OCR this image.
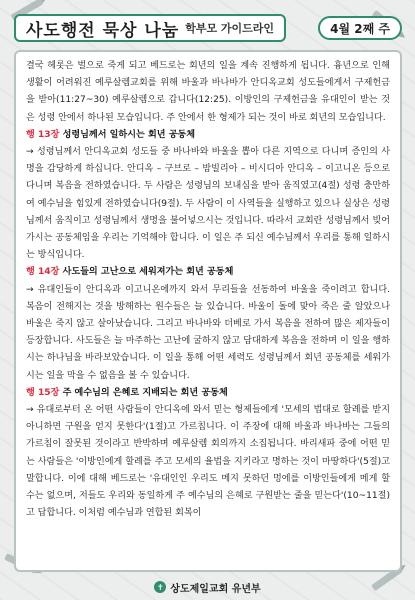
사도행전 묵상 나눔 학부모 가이드라인	4월 2째 주

결국 헤롯은 벌으로 죽게 되고 베드로는 회년의 일을 계속 진행하게 됩니다. 흉년으로 인해 생활이 어려워진 예루살렘교회를 위해 바울과 바나바가 안디옥교회 성도들에게서 구제헌금을 받아(11:27~30) 예루살렘으로 갑니다(12:25). 이방인의 구제헌금을 유대인이 받는 것은 성령 안에서 하나된 모습입니다. 주 안에서 한 형제가 되는 것이 바로 회년의 모습입니다.

행 13장 성령님께서 일하시는 회년 공동체

→ 성령님께서 안디옥교회 성도들 중 바나바와 바울을 뽑아 다른 지역으로 다니며 증인의 사명을 감당하게 하십니다. 안디옥 – 구브로 – 밤빌리아 – 비시디아 안디옥 – 이고니온 등으로 다니며 복음을 전하였습니다. 두 사람은 성령님의 보내심을 받아 움직였고(4절) 성령 충만하여 예수님을 힘있게 전하였습니다(9절). 두 사람이 이 사역들을 실행하고 있으나 실상은 성령님께서 움직이고 성령님께서 생명을 불어넣으시는 것입니다. 따라서 교회란 성령님께서 빚어가시는 공동체임을 우리는 기억해야 합니다. 이 일은 주 되신 예수님께서 우리를 통해 일하시는 방식입니다.

행 14장 사도들의 고난으로 세워져가는 회년 공동체

→ 유대인들이 안디옥과 이고니온에까지 와서 무리들을 선동하여 바울을 죽이려고 합니다. 복음이 전해지는 것을 방해하는 원수들은 늘 있습니다. 바울이 돌에 맞아 죽은 줄 알았으나 바울은 죽지 않고 살아났습니다. 그리고 바나바와 더베로 가서 복음을 전하여 많은 제자들이 등장합니다. 사도들은 늘 마주하는 고난에 굴하지 않고 담대하게 복음을 전하며 이 일을 행하시는 하나님을 바라보았습니다. 이 일을 통해 어떤 세력도 성령님께서 회년 공동체를 세워가시는 일을 막을 수 없음을 볼 수 있습니다.

행 15장 주 예수님의 은혜로 지배되는 회년 공동체

→ 유대로부터 온 어떤 사람들이 안디옥에 와서 믿는 형제들에게 '모세의 법대로 할례를 받지 아니하면 구원을 얻지 못한다'(1절)고 가르칩니다. 이 주장에 대해 바울과 바나바는 그들의 가르침이 잘못된 것이라고 반박하며 예루살렘 회의까지 소집됩니다. 바리새파 중에 어떤 믿는 사람들은 '이방인에게 할례를 주고 모세의 율법을 지키라고 명하는 것이 마땅하다'(5절)고 말합니다. 이에 대해 베드로는 '유대인인 우리도 메지 못하던 멍에를 이방인들에게 메게 할 수는 없으며, 저들도 우리와 동일하게 주 예수님의 은혜로 구원받는 줄을 믿는다'(10~11절)고 답합니다. 이처럼 예수님과 연합된 회복이

✝ 상도제일교회 유년부
